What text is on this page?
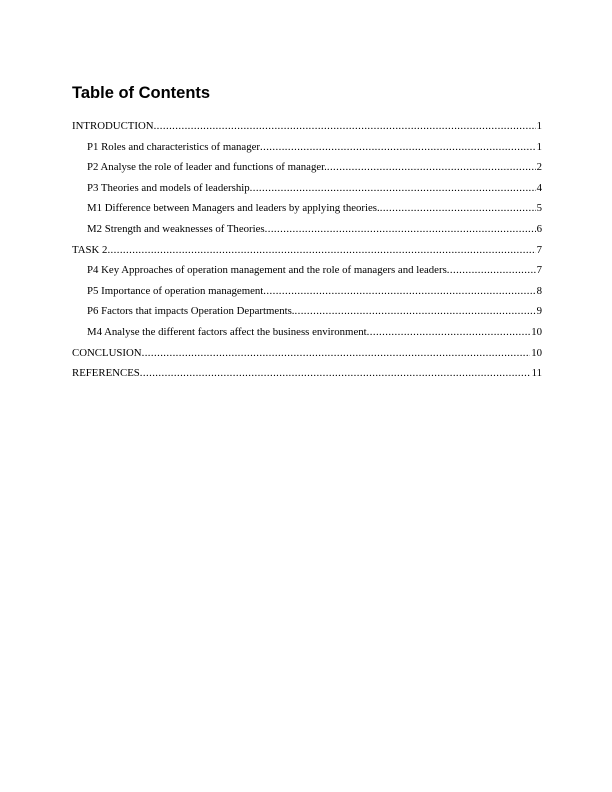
Table of Contents
INTRODUCTION .....	1
P1 Roles and characteristics of manager .....	1
P2 Analyse the role of leader and functions of manager. .....	2
P3 Theories and models of leadership .....	4
M1 Difference between Managers and leaders by applying theories. .....	5
M2 Strength and weaknesses of Theories .....	6
TASK 2 .....	7
P4 Key Approaches of operation management and the role of managers and leaders .....	7
P5 Importance of operation management .....	8
P6 Factors that impacts Operation Departments. .....	9
M4 Analyse the different factors affect the business environment .....	10
CONCLUSION .....	10
REFERENCES .....	11
